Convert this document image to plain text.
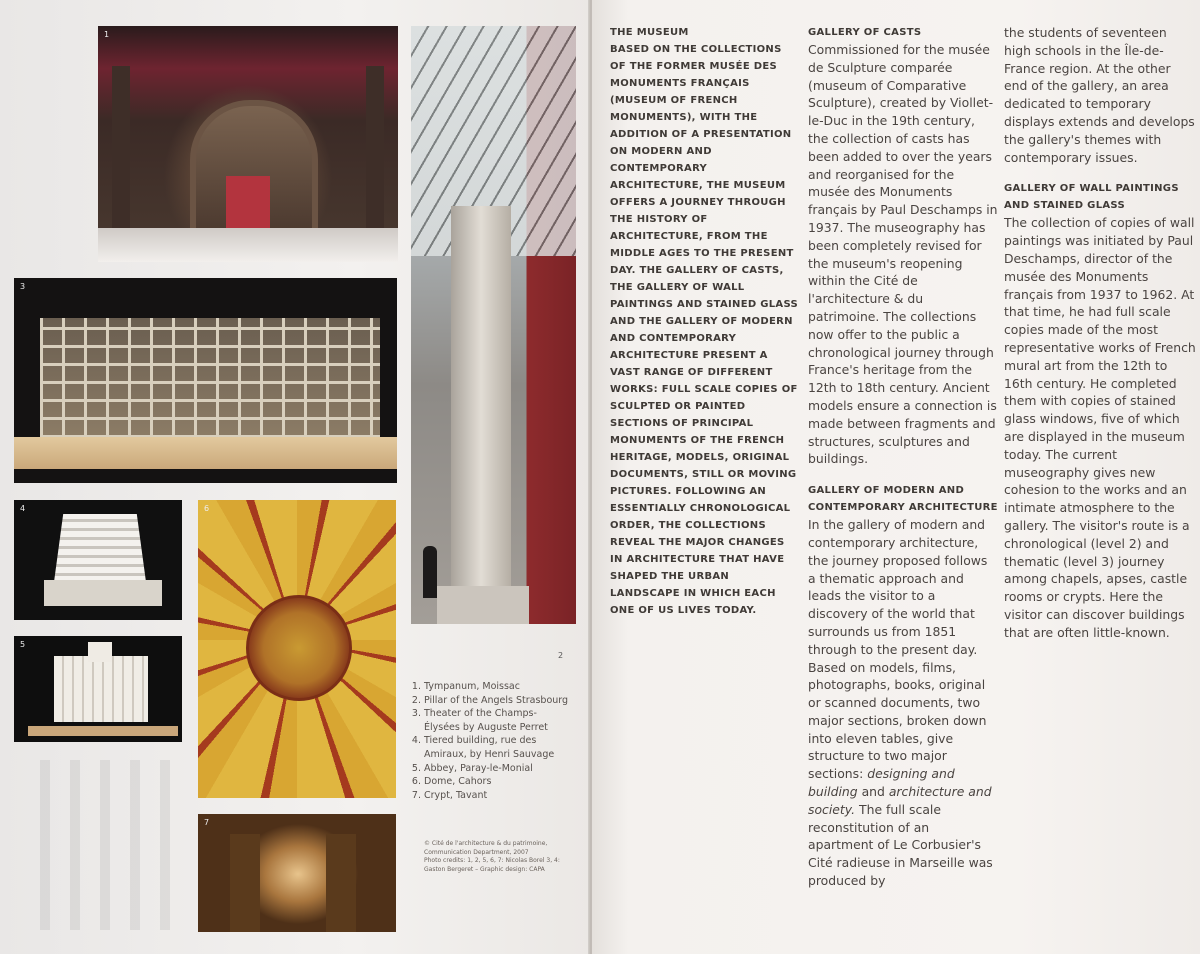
1
2
3
4
5
6
7
1. Tympanum, Moissac
2. Pillar of the Angels Strasbourg
3. Theater of the Champs-Élysées by Auguste Perret
4. Tiered building, rue des Amiraux, by Henri Sauvage
5. Abbey, Paray-le-Monial
6. Dome, Cahors
7. Crypt, Tavant
© Cité de l'architecture & du patrimoine, Communication Department, 2007
Photo credits: 1, 2, 5, 6, 7: Nicolas Borel 3, 4: Gaston Bergeret – Graphic design: CAPA

THE MUSEUM

BASED ON THE COLLECTIONS OF THE FORMER MUSÉE DES MONUMENTS FRANÇAIS (MUSEUM OF FRENCH MONUMENTS), WITH THE ADDITION OF A PRESENTATION ON MODERN AND CONTEMPORARY ARCHITECTURE, THE MUSEUM OFFERS A JOURNEY THROUGH THE HISTORY OF ARCHITECTURE, FROM THE MIDDLE AGES TO THE PRESENT DAY. THE GALLERY OF CASTS, THE GALLERY OF WALL PAINTINGS AND STAINED GLASS AND THE GALLERY OF MODERN AND CONTEMPORARY ARCHITECTURE PRESENT A VAST RANGE OF DIFFERENT WORKS: FULL SCALE COPIES OF SCULPTED OR PAINTED SECTIONS OF PRINCIPAL MONUMENTS OF THE FRENCH HERITAGE, MODELS, ORIGINAL DOCUMENTS, STILL OR MOVING PICTURES. FOLLOWING AN ESSENTIALLY CHRONOLOGICAL ORDER, THE COLLECTIONS REVEAL THE MAJOR CHANGES IN ARCHITECTURE THAT HAVE SHAPED THE URBAN LANDSCAPE IN WHICH EACH ONE OF US LIVES TODAY.

GALLERY OF CASTS

Commissioned for the musée de Sculpture comparée (museum of Comparative Sculpture), created by Viollet-le-Duc in the 19th century, the collection of casts has been added to over the years and reorganised for the musée des Monuments français by Paul Deschamps in 1937. The museography has been completely revised for the museum's reopening within the Cité de l'architecture & du patrimoine. The collections now offer to the public a chronological journey through France's heritage from the 12th to 18th century. Ancient models ensure a connection is made between fragments and structures, sculptures and buildings.

GALLERY OF MODERN AND CONTEMPORARY ARCHITECTURE

In the gallery of modern and contemporary architecture, the journey proposed follows a thematic approach and leads the visitor to a discovery of the world that surrounds us from 1851 through to the present day. Based on models, films, photographs, books, original or scanned documents, two major sections, broken down into eleven tables, give structure to two major sections: designing and building and architecture and society. The full scale reconstitution of an apartment of Le Corbusier's Cité radieuse in Marseille was produced by

the students of seventeen high schools in the Île-de-France region. At the other end of the gallery, an area dedicated to temporary displays extends and develops the gallery's themes with contemporary issues.

GALLERY OF WALL PAINTINGS AND STAINED GLASS

The collection of copies of wall paintings was initiated by Paul Deschamps, director of the musée des Monuments français from 1937 to 1962. At that time, he had full scale copies made of the most representative works of French mural art from the 12th to 16th century. He completed them with copies of stained glass windows, five of which are displayed in the museum today. The current museography gives new cohesion to the works and an intimate atmosphere to the gallery. The visitor's route is a chronological (level 2) and thematic (level 3) journey among chapels, apses, castle rooms or crypts. Here the visitor can discover buildings that are often little-known.
